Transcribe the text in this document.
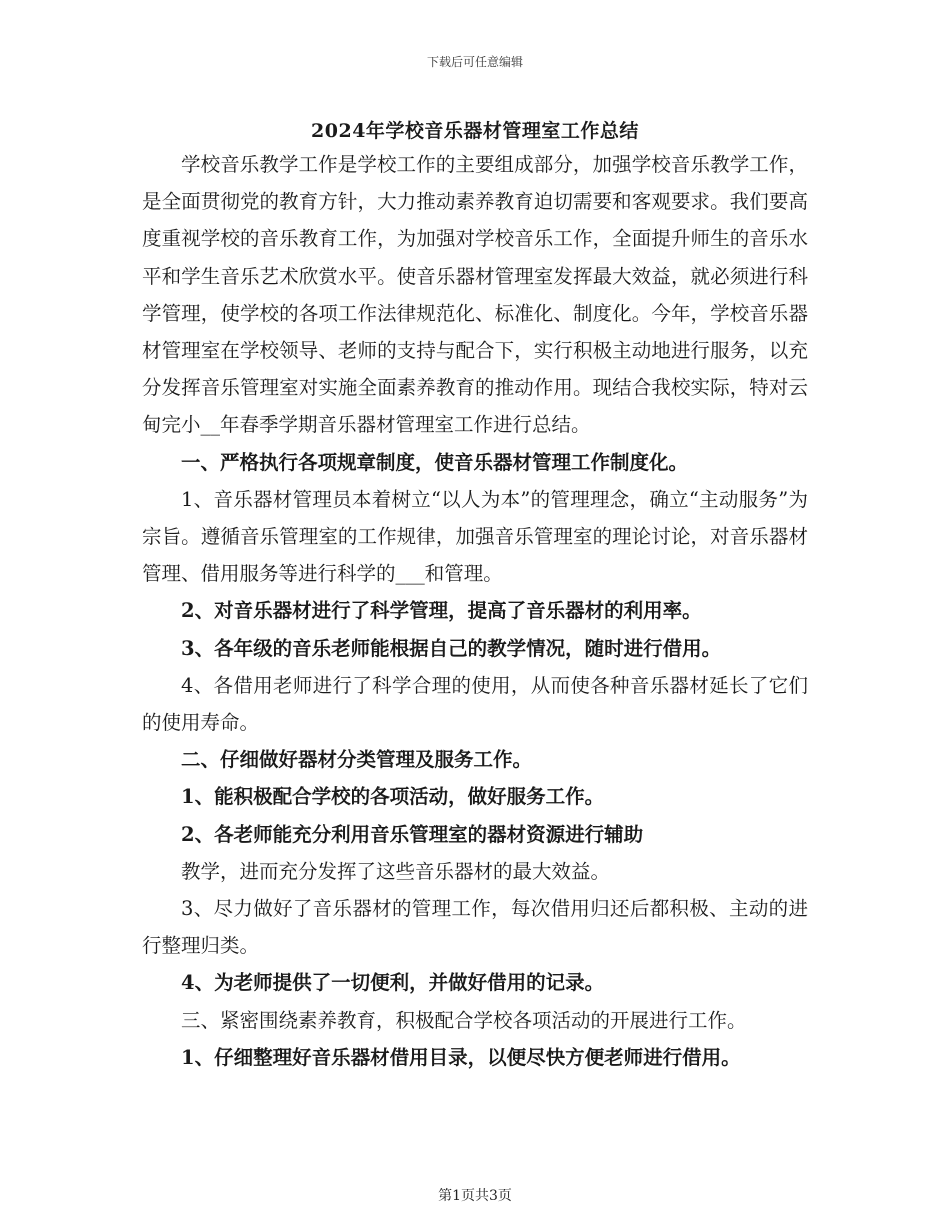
下载后可任意编辑
2024年学校音乐器材管理室工作总结

学校音乐教学工作是学校工作的主要组成部分，加强学校音乐教学工作，是全面贯彻党的教育方针，大力推动素养教育迫切需要和客观要求。我们要高度重视学校的音乐教育工作，为加强对学校音乐工作，全面提升师生的音乐水平和学生音乐艺术欣赏水平。使音乐器材管理室发挥最大效益，就必须进行科学管理，使学校的各项工作法律规范化、标准化、制度化。今年，学校音乐器材管理室在学校领导、老师的支持与配合下，实行积极主动地进行服务，以充分发挥音乐管理室对实施全面素养教育的推动作用。现结合我校实际，特对云甸完小__年春季学期音乐器材管理室工作进行总结。

一、严格执行各项规章制度，使音乐器材管理工作制度化。

1、音乐器材管理员本着树立“以人为本”的管理理念，确立“主动服务”为宗旨。遵循音乐管理室的工作规律，加强音乐管理室的理论讨论，对音乐器材管理、借用服务等进行科学的___和管理。

2、对音乐器材进行了科学管理，提高了音乐器材的利用率。

3、各年级的音乐老师能根据自己的教学情况，随时进行借用。

4、各借用老师进行了科学合理的使用，从而使各种音乐器材延长了它们的使用寿命。

二、仔细做好器材分类管理及服务工作。

1、能积极配合学校的各项活动，做好服务工作。

2、各老师能充分利用音乐管理室的器材资源进行辅助

教学，进而充分发挥了这些音乐器材的最大效益。

3、尽力做好了音乐器材的管理工作，每次借用归还后都积极、主动的进行整理归类。

4、为老师提供了一切便利，并做好借用的记录。

三、紧密围绕素养教育，积极配合学校各项活动的开展进行工作。

1、仔细整理好音乐器材借用目录，以便尽快方便老师进行借用。

第1页共3页
